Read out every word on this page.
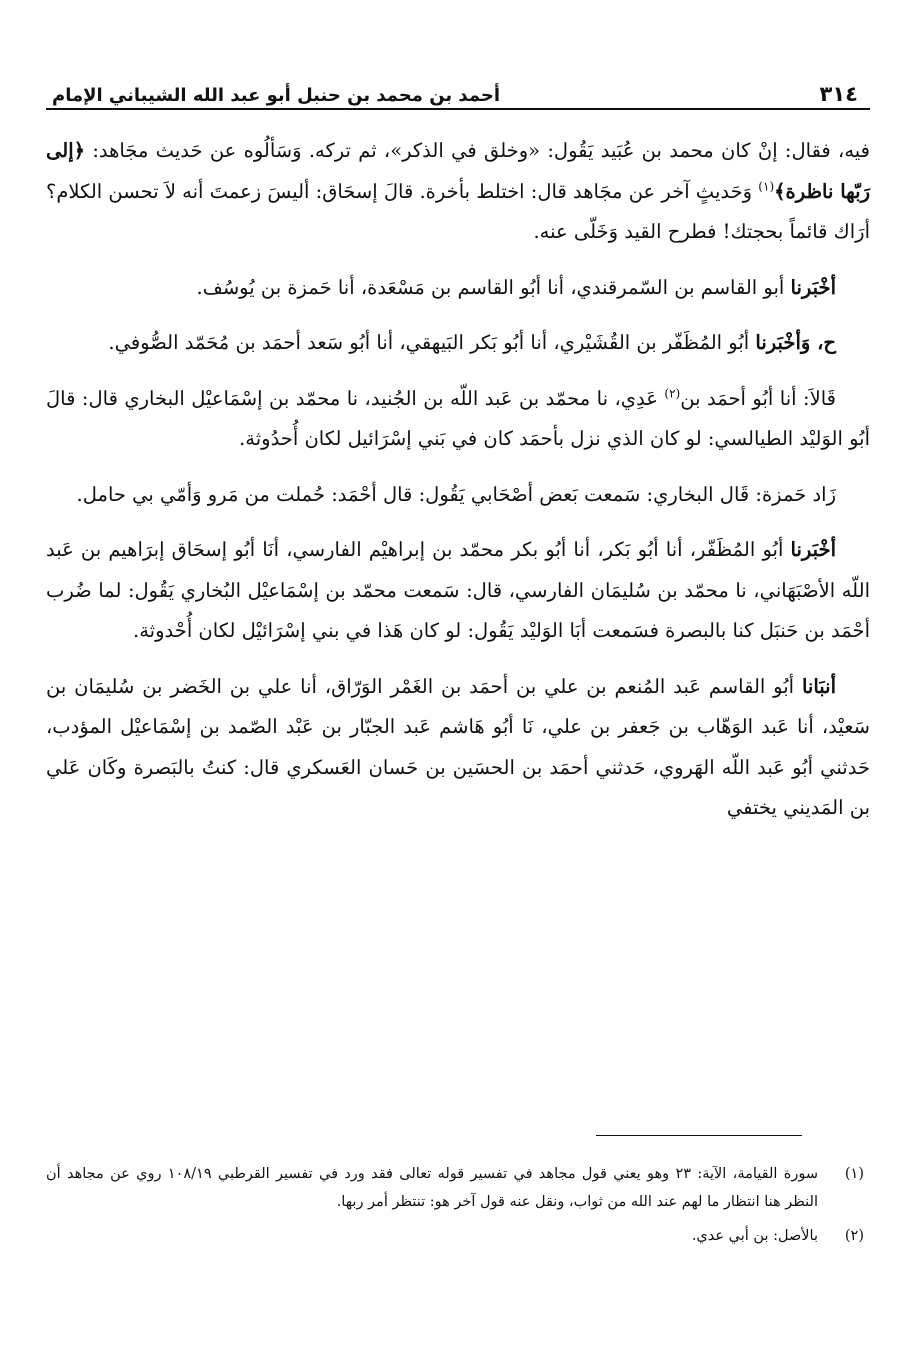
٣١٤
أحمد بن محمد بن حنبل أبو عبد الله الشيباني الإمام

فيه، فقال: إنْ كان محمد بن عُبَيد يَقُول: «وخلق في الذكر»، ثم تركه. وَسَألُوه عن حَديث مجَاهد: ﴿إلى رَبّها ناظرة﴾$^{(١)}$ وَحَديثٍ آخر عن مجَاهد قال: اختلط بأخرة. قالَ إسحَاق: أليسَ زعمتَ أنه لاَ تحسن الكلام؟ أرَاك قائماً بحجتك! فطرح القيد وَخَلّى عنه.

أخْبَرنا أبو القاسم بن السّمرقندي، أنا أبُو القاسم بن مَسْعَدة، أنا حَمزة بن يُوسُف.

ح، وَأخْبَرنا أبُو المُظَفّر بن القُشَيْري، أنا أبُو بَكر البَيهقي، أنا أبُو سَعد أحمَد بن مُحَمّد الصُّوفي.

قَالاَ: أنا أبُو أحمَد بن$^{(٢)}$ عَدِي، نا محمّد بن عَبد اللّه بن الجُنيد، نا محمّد بن إسْمَاعيْل البخاري قال: قالَ أبُو الوَليْد الطيالسي: لو كان الذي نزل بأحمَد كان في بَني إسْرَائيل لكان أُحدُوثة.

زَاد حَمزة: قَال البخاري: سَمعت بَعض أصْحَابي يَقُول: قال أحْمَد: حُملت من مَرو وَأمّي بي حامل.

أخْبَرنا أبُو المُظَفّر، أنا أبُو بَكر، أنا أبُو بكر محمّد بن إبراهيْم الفارسي، أنَا أبُو إسحَاق إبرَاهيم بن عَبد اللّه الأصْبَهَاني، نا محمّد بن سُليمَان الفارسي، قال: سَمعت محمّد بن إسْمَاعيْل البُخاري يَقُول: لما ضُرب أحْمَد بن حَنبَل كنا بالبصرة فسَمعت أبَا الوَليْد يَقُول: لو كان هَذا في بني إسْرَائيْل لكان أُحْدوثة.

أنبَانا أبُو القاسم عَبد المُنعم بن علي بن أحمَد بن الغَمْر الوَرّاق، أنا علي بن الخَضر بن سُليمَان بن سَعيْد، أنا عَبد الوَهّاب بن جَعفر بن علي، نَا أبُو هَاشم عَبد الجبّار بن عَبْد الصّمد بن إسْمَاعيْل المؤدب، حَدثني أبُو عَبد اللّه الهَروي، حَدثني أحمَد بن الحسَين بن حَسان العَسكري قال: كنتُ بالبَصرة وكَان عَلي بن المَديني يختفي

(١)
سورة القيامة، الآية: ٢٣ وهو يعني قول مجاهد في تفسير قوله تعالى فقد ورد في تفسير القرطبي ١٠٨/١٩ روي عن مجاهد أن النظر هنا انتظار ما لهم عند الله من ثواب، ونقل عنه قول آخر هو: تنتظر أمر ربها.
(٢)
بالأصل: بن أبي عدي.
